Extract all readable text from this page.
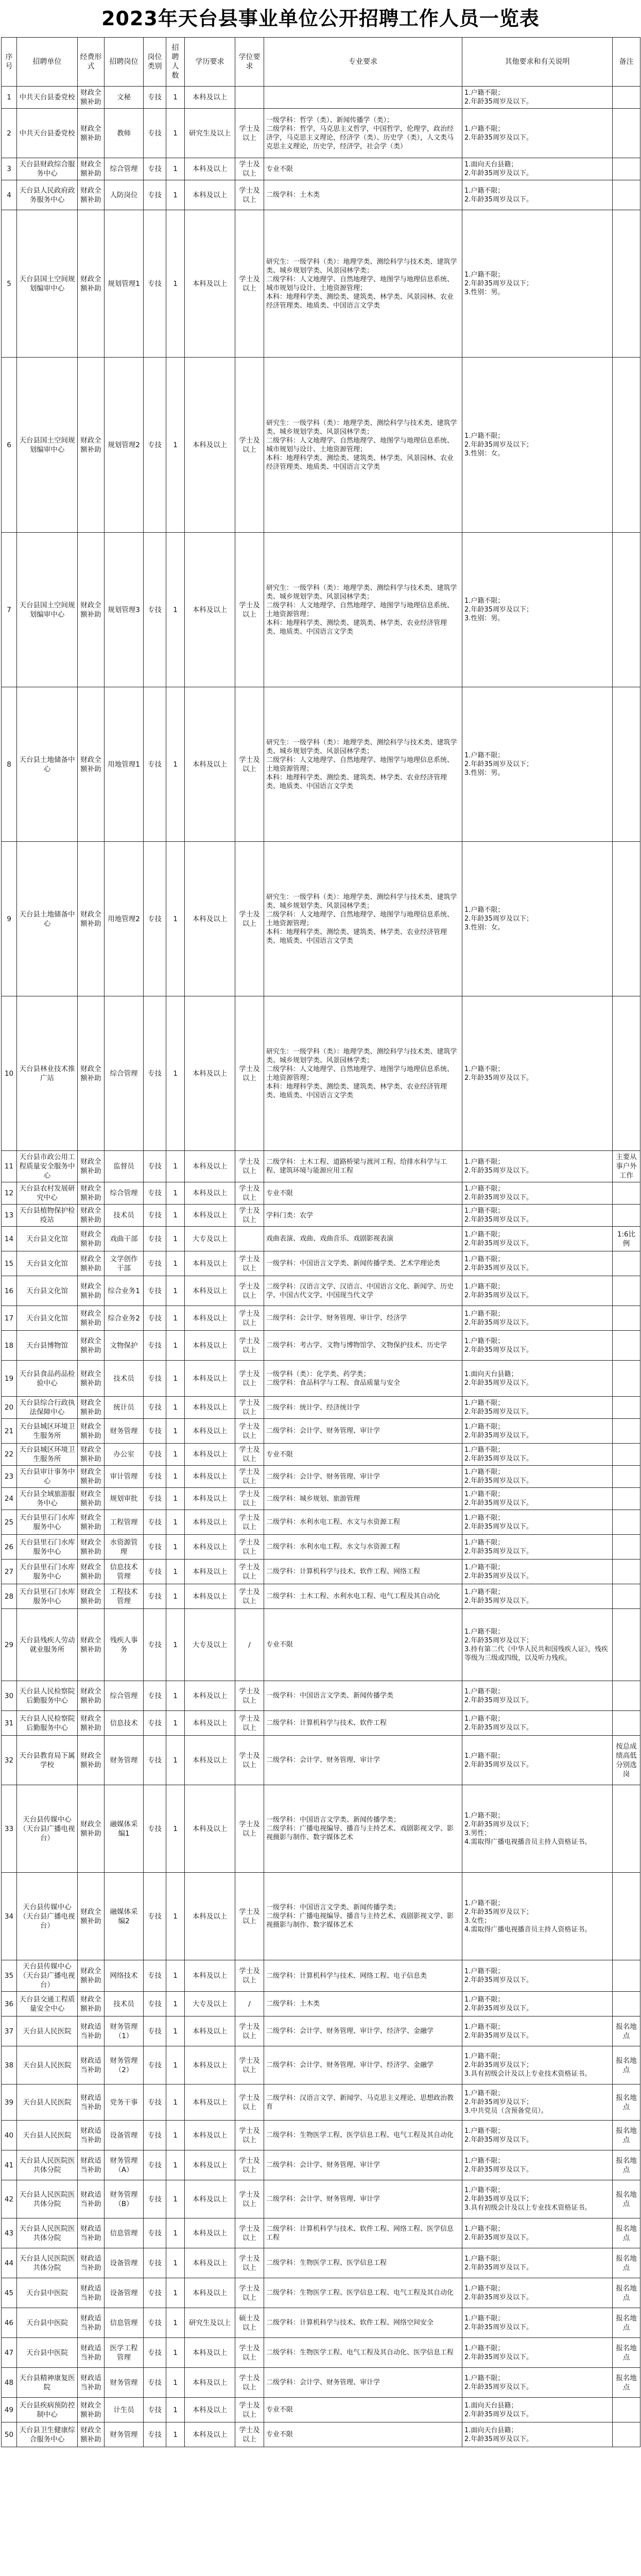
2023年天台县事业单位公开招聘工作人员一览表
序号	招聘单位	经费形式	招聘岗位	岗位类别	招聘人数	学历要求	学位要求	专业要求	其他要求和有关说明	备注
1	中共天台县委党校	财政全额补助	文秘	专技	1	本科及以上			1.户籍不限；
2.年龄35周岁及以下。	
2	中共天台县委党校	财政全额补助	教师	专技	1	研究生及以上	学士及以上	一级学科：哲学（类）、新闻传播学（类）；
二级学科：哲学，马克思主义哲学，中国哲学，伦理学，政治经济学，马克思主义理论，经济学（类）、历史学（类），人文类马克思主义理论，历史学，经济学，社会学（类）	1.户籍不限；
2.年龄35周岁及以下。	
3	天台县财政综合服务中心	财政全额补助	综合管理	专技	1	本科及以上	学士及以上	专业不限	1.面向天台县籍；
2.年龄35周岁及以下。	
4	天台县人民政府政务服务中心	财政全额补助	人防岗位	专技	1	本科及以上	学士及以上	二级学科：土木类	1.户籍不限；
2.年龄35周岁及以下。	
5	天台县国土空间规划编审中心	财政全额补助	规划管理1	专技	1	本科及以上	学士及以上	研究生：一级学科（类）：地理学类、测绘科学与技术类、建筑学类、城乡规划学类、风景园林学类；
二级学科：人文地理学、自然地理学、地图学与地理信息系统、城市规划与设计、土地资源管理；
本科：地理科学类、测绘类、建筑类、林学类、风景园林、农业经济管理类、地质类、中国语言文学类	1.户籍不限；
2.年龄35周岁及以下；
3.性别：男。	
6	天台县国土空间规划编审中心	财政全额补助	规划管理2	专技	1	本科及以上	学士及以上	研究生：一级学科（类）：地理学类、测绘科学与技术类、建筑学类、城乡规划学类、风景园林学类；
二级学科：人文地理学、自然地理学、地图学与地理信息系统、城市规划与设计、土地资源管理；
本科：地理科学类、测绘类、建筑类、林学类、风景园林、农业经济管理类、地质类、中国语言文学类	1.户籍不限；
2.年龄35周岁及以下；
3.性别：女。	
7	天台县国土空间规划编审中心	财政全额补助	规划管理3	专技	1	本科及以上	学士及以上	研究生：一级学科（类）：地理学类、测绘科学与技术类、建筑学类、城乡规划学类、风景园林学类；
二级学科：人文地理学、自然地理学、地图学与地理信息系统、土地资源管理；
本科：地理科学类、测绘类、建筑类、林学类、农业经济管理类、地质类、中国语言文学类	1.户籍不限；
2.年龄35周岁及以下；
3.性别：男。	
8	天台县土地储备中心	财政全额补助	用地管理1	专技	1	本科及以上	学士及以上	研究生：一级学科（类）：地理学类、测绘科学与技术类、建筑学类、城乡规划学类、风景园林学类；
二级学科：人文地理学、自然地理学、地图学与地理信息系统、土地资源管理；
本科：地理科学类、测绘类、建筑类、林学类、农业经济管理类、地质类、中国语言文学类	1.户籍不限；
2.年龄35周岁及以下；
3.性别：男。	
9	天台县土地储备中心	财政全额补助	用地管理2	专技	1	本科及以上	学士及以上	研究生：一级学科（类）：地理学类、测绘科学与技术类、建筑学类、城乡规划学类、风景园林学类；
二级学科：人文地理学、自然地理学、地图学与地理信息系统、土地资源管理；
本科：地理科学类、测绘类、建筑类、林学类、农业经济管理类、地质类、中国语言文学类	1.户籍不限；
2.年龄35周岁及以下；
3.性别：女。	
10	天台县林业技术推广站	财政全额补助	综合管理	专技	1	本科及以上	学士及以上	研究生：一级学科（类）：地理学类、测绘科学与技术类、建筑学类、城乡规划学类、风景园林学类；
二级学科：人文地理学、自然地理学、地图学与地理信息系统、土地资源管理；
本科：地理科学类、测绘类、建筑类、林学类、农业经济管理类、地质类、中国语言文学类	1.户籍不限；
2.年龄35周岁及以下。	
11	天台县市政公用工程质量安全服务中心	财政全额补助	监督员	专技	1	本科及以上	学士及以上	二级学科：土木工程、道路桥梁与渡河工程、给排水科学与工程、建筑环境与能源应用工程	1.户籍不限；
2.年龄35周岁及以下。	主要从事户外工作
12	天台县农村发展研究中心	财政全额补助	综合管理	专技	1	本科及以上	学士及以上	专业不限	1.户籍不限；
2.年龄35周岁及以下。	
13	天台县植物保护检疫站	财政全额补助	技术员	专技	1	本科及以上	学士及以上	学科门类：农学	1.户籍不限；
2.年龄35周岁及以下。	
14	天台县文化馆	财政全额补助	戏曲干部	专技	1	大专及以上		戏曲表演、戏曲、戏曲音乐、戏剧影视表演	1.户籍不限；
2.年龄35周岁及以下。	1:6比例
15	天台县文化馆	财政全额补助	文学创作干部	专技	1	本科及以上	学士及以上	一级学科：中国语言文学类、新闻传播学类、艺术学理论类	1.户籍不限；
2.年龄35周岁及以下。	
16	天台县文化馆	财政全额补助	综合业务1	专技	1	本科及以上	学士及以上	二级学科：汉语言文学、汉语言、中国语言文化、新闻学、历史学、中国古代文学、中国现当代文学	1.户籍不限；
2.年龄35周岁及以下。	
17	天台县文化馆	财政全额补助	综合业务2	专技	1	本科及以上	学士及以上	二级学科：会计学、财务管理、审计学、经济学	1.户籍不限；
2.年龄35周岁及以下。	
18	天台县博物馆	财政全额补助	文物保护	专技	1	本科及以上	学士及以上	二级学科：考古学、文物与博物馆学、文物保护技术、历史学	1.户籍不限；
2.年龄35周岁及以下。	
19	天台县食品药品检验中心	财政全额补助	技术员	专技	1	本科及以上	学士及以上	一级学科（类）：化学类、药学类；
二级学科：食品科学与工程、食品质量与安全	1.面向天台县籍；
2.年龄35周岁及以下。	
20	天台县综合行政执法保障中心	财政全额补助	统计员	专技	1	本科及以上	学士及以上	二级学科：统计学、经济统计学	1.户籍不限；
2.年龄35周岁及以下。	
21	天台县城区环境卫生服务所	财政全额补助	财务管理	专技	1	本科及以上	学士及以上	二级学科：会计学、财务管理、审计学	1.户籍不限；
2.年龄35周岁及以下。	
22	天台县城区环境卫生服务所	财政全额补助	办公室	专技	1	本科及以上	学士及以上	专业不限	1.户籍不限；
2.年龄35周岁及以下。	
23	天台县审计事务中心	财政全额补助	审计管理	专技	1	本科及以上	学士及以上	二级学科：会计学、财务管理、审计学	1.户籍不限；
2.年龄35周岁及以下。	
24	天台县全域旅游服务中心	财政全额补助	规划审批	专技	1	本科及以上	学士及以上	二级学科：城乡规划、旅游管理	1.户籍不限；
2.年龄35周岁及以下。	
25	天台县里石门水库服务中心	财政全额补助	工程管理	专技	1	本科及以上	学士及以上	二级学科：水利水电工程、水文与水资源工程	1.户籍不限；
2.年龄35周岁及以下。	
26	天台县里石门水库服务中心	财政全额补助	水资源管理	专技	1	本科及以上	学士及以上	二级学科：水利水电工程、水文与水资源工程	1.户籍不限；
2.年龄35周岁及以下。	
27	天台县里石门水库服务中心	财政全额补助	信息技术管理	专技	1	本科及以上	学士及以上	二级学科：计算机科学与技术、软件工程、网络工程	1.户籍不限；
2.年龄35周岁及以下。	
28	天台县里石门水库服务中心	财政全额补助	工程技术管理	专技	1	本科及以上	学士及以上	二级学科：土木工程、水利水电工程、电气工程及其自动化	1.户籍不限；
2.年龄35周岁及以下。	
29	天台县残疾人劳动就业服务所	财政全额补助	残疾人事务	专技	1	大专及以上	/	专业不限	1.户籍不限；
2.年龄35周岁及以下；
3.持有第二代《中华人民共和国残疾人证》，残疾等级为三级或四级，以及听力残疾。	
30	天台县人民检察院后勤服务中心	财政全额补助	综合管理	专技	1	本科及以上	学士及以上	一级学科：中国语言文学类、新闻传播学类	1.户籍不限；
2.年龄35周岁及以下。	
31	天台县人民检察院后勤服务中心	财政全额补助	信息技术	专技	1	本科及以上	学士及以上	二级学科：计算机科学与技术、软件工程	1.户籍不限；
2.年龄35周岁及以下。	
32	天台县教育局下属学校	财政全额补助	财务管理	专技	1	本科及以上	学士及以上	二级学科：会计学、财务管理、审计学	1.户籍不限；
2.年龄35周岁及以下。	按总成绩高低分别选岗
33	天台县传媒中心（天台县广播电视台）	财政全额补助	融媒体采编1	专技	1	本科及以上	学士及以上	一级学科：中国语言文学类、新闻传播学类；
二级学科：广播电视编导、播音与主持艺术、戏剧影视文学、影视摄影与制作、数字媒体艺术	1.户籍不限；
2.年龄35周岁及以下；
3.男性；
4.需取得广播电视播音员主持人资格证书。	
34	天台县传媒中心（天台县广播电视台）	财政全额补助	融媒体采编2	专技	1	本科及以上	学士及以上	一级学科：中国语言文学类、新闻传播学类；
二级学科：广播电视编导、播音与主持艺术、戏剧影视文学、影视摄影与制作、数字媒体艺术	1.户籍不限；
2.年龄35周岁及以下；
3.女性；
4.需取得广播电视播音员主持人资格证书。	
35	天台县传媒中心（天台县广播电视台）	财政全额补助	网络技术	专技	1	本科及以上	学士及以上	二级学科：计算机科学与技术、网络工程、电子信息类	1.户籍不限；
2.年龄35周岁及以下。	
36	天台县交通工程质量安全中心	财政全额补助	技术员	专技	1	大专及以上	/	二级学科：土木类	1.户籍不限；
2.年龄35周岁及以下。	
37	天台县人民医院	财政适当补助	财务管理（1）	专技	1	本科及以上	学士及以上	二级学科：会计学、财务管理、审计学、经济学、金融学	1.户籍不限；
2.年龄35周岁及以下。	报名地点
38	天台县人民医院	财政适当补助	财务管理（2）	专技	1	本科及以上	学士及以上	二级学科：会计学、财务管理、审计学、经济学、金融学	1.户籍不限；
2.年龄35周岁及以下；
3.具有初级会计及以上专业技术资格证书。	报名地点
39	天台县人民医院	财政适当补助	党务干事	专技	1	本科及以上	学士及以上	二级学科：汉语言文学、新闻学、马克思主义理论、思想政治教育	1.户籍不限；
2.年龄35周岁及以下；
3.中共党员（含预备党员）。	报名地点
40	天台县人民医院	财政适当补助	设备管理	专技	1	本科及以上	学士及以上	二级学科：生物医学工程、医学信息工程、电气工程及其自动化	1.户籍不限；
2.年龄35周岁及以下。	报名地点
41	天台县人民医院医共体分院	财政适当补助	财务管理（A）	专技	1	本科及以上	学士及以上	二级学科：会计学、财务管理、审计学	1.户籍不限；
2.年龄35周岁及以下。	报名地点
42	天台县人民医院医共体分院	财政适当补助	财务管理（B）	专技	1	本科及以上	学士及以上	二级学科：会计学、财务管理、审计学	1.户籍不限；
2.年龄35周岁及以下；
3.具有初级会计及以上专业技术资格证书。	报名地点
43	天台县人民医院医共体分院	财政适当补助	信息管理	专技	1	本科及以上	学士及以上	二级学科：计算机科学与技术、软件工程、网络工程、医学信息工程	1.户籍不限；
2.年龄35周岁及以下。	报名地点
44	天台县人民医院医共体分院	财政适当补助	设备管理	专技	1	本科及以上	学士及以上	二级学科：生物医学工程、医学信息工程	1.户籍不限；
2.年龄35周岁及以下。	报名地点
45	天台县中医院	财政适当补助	设备管理	专技	1	本科及以上	学士及以上	二级学科：生物医学工程、医学信息工程、电气工程及其自动化	1.户籍不限；
2.年龄35周岁及以下。	报名地点
46	天台县中医院	财政适当补助	信息管理	专技	1	研究生及以上	硕士及以上	二级学科：计算机科学与技术、软件工程、网络空间安全	1.户籍不限；
2.年龄35周岁及以下。	报名地点
47	天台县中医院	财政适当补助	医学工程管理	专技	1	本科及以上	学士及以上	二级学科：生物医学工程、电气工程及其自动化、医学信息工程	1.户籍不限；
2.年龄35周岁及以下。	报名地点
48	天台县精神康复医院	财政适当补助	财务管理	专技	1	本科及以上	学士及以上	二级学科：会计学、财务管理、审计学	1.户籍不限；
2.年龄35周岁及以下。	报名地点
49	天台县疾病预防控制中心	财政全额补助	计生员	专技	1	本科及以上	学士及以上	专业不限	1.面向天台县籍；
2.年龄35周岁及以下。	
50	天台县卫生健康综合服务中心	财政全额补助	财务管理	专技	1	本科及以上	学士及以上	专业不限	1.面向天台县籍；
2.年龄35周岁及以下。	
